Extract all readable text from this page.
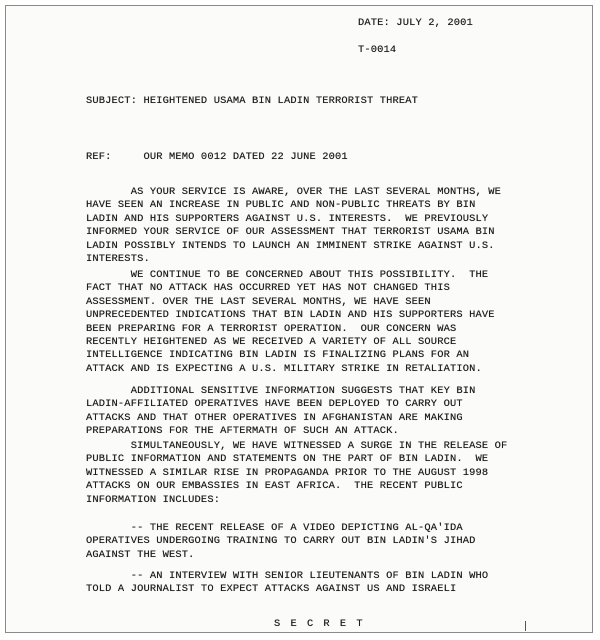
DATE: JULY 2, 2001
T-0014
SUBJECT: HEIGHTENED USAMA BIN LADIN TERRORIST THREAT
REF:     OUR MEMO 0012 DATED 22 JUNE 2001
AS YOUR SERVICE IS AWARE, OVER THE LAST SEVERAL MONTHS, WE
HAVE SEEN AN INCREASE IN PUBLIC AND NON-PUBLIC THREATS BY BIN
LADIN AND HIS SUPPORTERS AGAINST U.S. INTERESTS.  WE PREVIOUSLY
INFORMED YOUR SERVICE OF OUR ASSESSMENT THAT TERRORIST USAMA BIN
LADIN POSSIBLY INTENDS TO LAUNCH AN IMMINENT STRIKE AGAINST U.S.
INTERESTS.
WE CONTINUE TO BE CONCERNED ABOUT THIS POSSIBILITY.  THE
FACT THAT NO ATTACK HAS OCCURRED YET HAS NOT CHANGED THIS
ASSESSMENT. OVER THE LAST SEVERAL MONTHS, WE HAVE SEEN
UNPRECEDENTED INDICATIONS THAT BIN LADIN AND HIS SUPPORTERS HAVE
BEEN PREPARING FOR A TERRORIST OPERATION.  OUR CONCERN WAS
RECENTLY HEIGHTENED AS WE RECEIVED A VARIETY OF ALL SOURCE
INTELLIGENCE INDICATING BIN LADIN IS FINALIZING PLANS FOR AN
ATTACK AND IS EXPECTING A U.S. MILITARY STRIKE IN RETALIATION.
ADDITIONAL SENSITIVE INFORMATION SUGGESTS THAT KEY BIN
LADIN-AFFILIATED OPERATIVES HAVE BEEN DEPLOYED TO CARRY OUT
ATTACKS AND THAT OTHER OPERATIVES IN AFGHANISTAN ARE MAKING
PREPARATIONS FOR THE AFTERMATH OF SUCH AN ATTACK.
SIMULTANEOUSLY, WE HAVE WITNESSED A SURGE IN THE RELEASE OF
PUBLIC INFORMATION AND STATEMENTS ON THE PART OF BIN LADIN.  WE
WITNESSED A SIMILAR RISE IN PROPAGANDA PRIOR TO THE AUGUST 1998
ATTACKS ON OUR EMBASSIES IN EAST AFRICA.  THE RECENT PUBLIC
INFORMATION INCLUDES:
-- THE RECENT RELEASE OF A VIDEO DEPICTING AL-QA'IDA
OPERATIVES UNDERGOING TRAINING TO CARRY OUT BIN LADIN'S JIHAD
AGAINST THE WEST.
-- AN INTERVIEW WITH SENIOR LIEUTENANTS OF BIN LADIN WHO
TOLD A JOURNALIST TO EXPECT ATTACKS AGAINST US AND ISRAELI
S E C R E T
